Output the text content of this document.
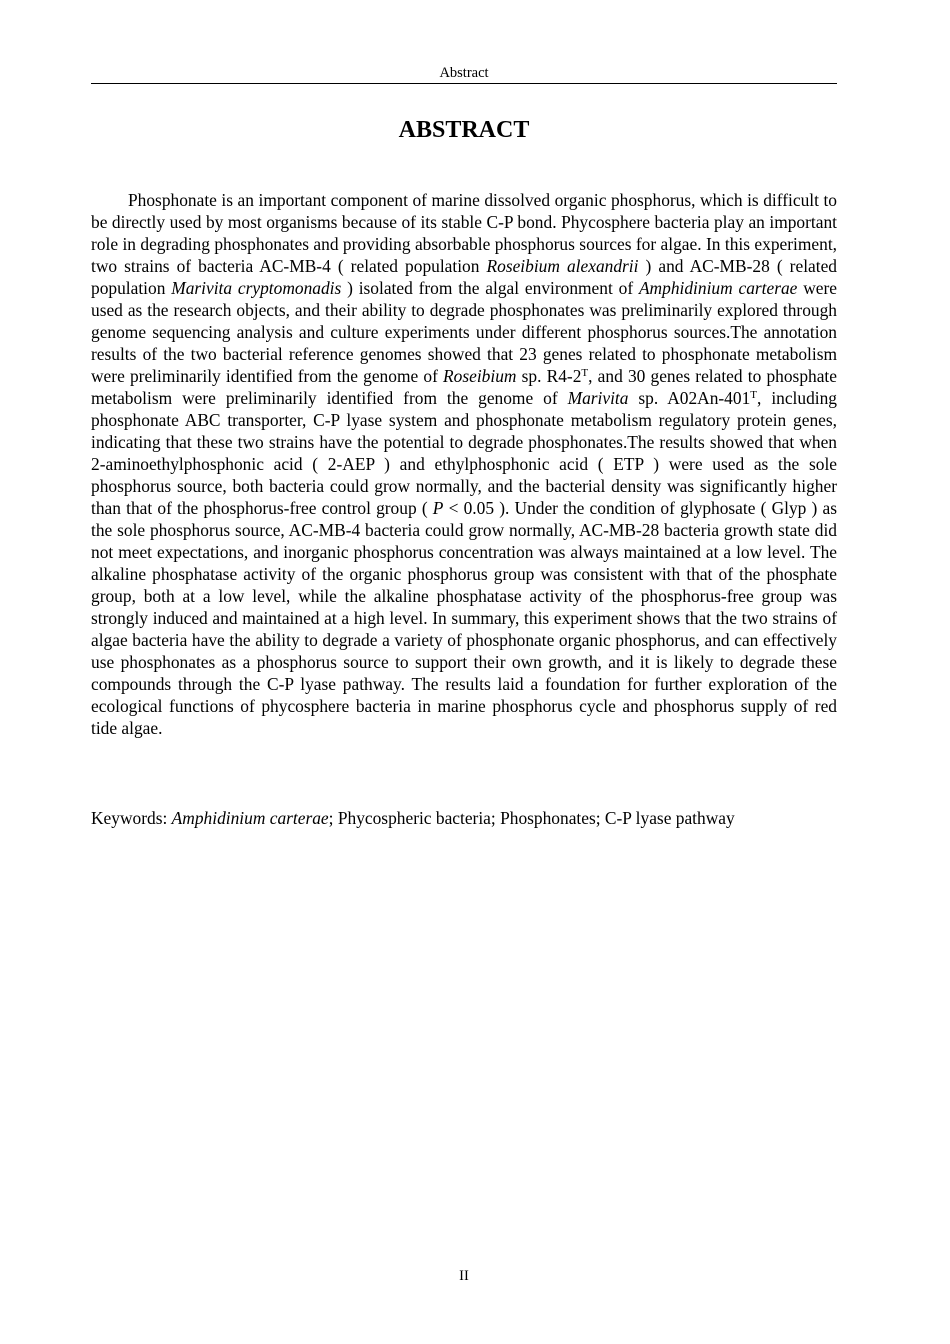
Abstract
ABSTRACT

Phosphonate is an important component of marine dissolved organic phosphorus, which is difficult to be directly used by most organisms because of its stable C-P bond. Phycosphere bacteria play an important role in degrading phosphonates and providing absorbable phosphorus sources for algae. In this experiment, two strains of bacteria AC-MB-4 ( related population Roseibium alexandrii ) and AC-MB-28 ( related population Marivita cryptomonadis ) isolated from the algal environment of Amphidinium carterae were used as the research objects, and their ability to degrade phosphonates was preliminarily explored through genome sequencing analysis and culture experiments under different phosphorus sources.The annotation results of the two bacterial reference genomes showed that 23 genes related to phosphonate metabolism were preliminarily identified from the genome of Roseibium sp. $R4-2^T$, and 30 genes related to phosphate metabolism were preliminarily identified from the genome of Marivita sp. $A02An-401^T$, including phosphonate ABC transporter, C-P lyase system and phosphonate metabolism regulatory protein genes, indicating that these two strains have the potential to degrade phosphonates.The results showed that when 2-aminoethylphosphonic acid ( 2-AEP ) and ethylphosphonic acid ( ETP ) were used as the sole phosphorus source, both bacteria could grow normally, and the bacterial density was significantly higher than that of the phosphorus-free control group ( P < 0.05 ). Under the condition of glyphosate ( Glyp ) as the sole phosphorus source, AC-MB-4 bacteria could grow normally, AC-MB-28 bacteria growth state did not meet expectations, and inorganic phosphorus concentration was always maintained at a low level. The alkaline phosphatase activity of the organic phosphorus group was consistent with that of the phosphate group, both at a low level, while the alkaline phosphatase activity of the phosphorus-free group was strongly induced and maintained at a high level. In summary, this experiment shows that the two strains of algae bacteria have the ability to degrade a variety of phosphonate organic phosphorus, and can effectively use phosphonates as a phosphorus source to support their own growth, and it is likely to degrade these compounds through the C-P lyase pathway. The results laid a foundation for further exploration of the ecological functions of phycosphere bacteria in marine phosphorus cycle and phosphorus supply of red tide algae.

Keywords: Amphidinium carterae; Phycospheric bacteria; Phosphonates; C-P lyase pathway

II
